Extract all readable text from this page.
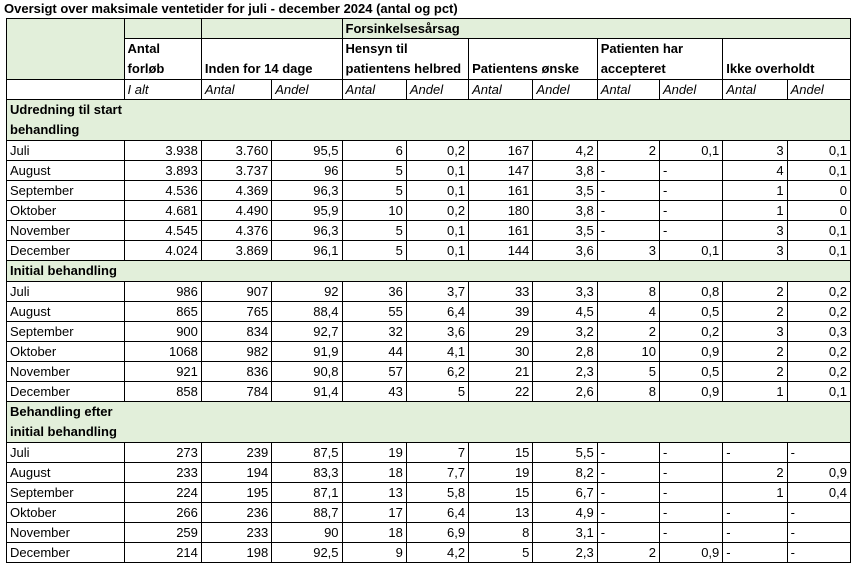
Oversigt over maksimale ventetider for juli - december 2024 (antal og pct)
				Forsinkelsesårsag							
	Antal forløb	Inden for 14 dage		Hensyn til patientens helbred		Patientens ønske		Patienten har accepteret		Ikke overholdt	
	I alt	Antal	Andel	Antal	Andel	Antal	Andel	Antal	Andel	Antal	Andel
Udredning til start behandling											
Juli	3.938	3.760	95,5	6	0,2	167	4,2	2	0,1	3	0,1
August	3.893	3.737	96	5	0,1	147	3,8	-	-	4	0,1
September	4.536	4.369	96,3	5	0,1	161	3,5	-	-	1	0
Oktober	4.681	4.490	95,9	10	0,2	180	3,8	-	-	1	0
November	4.545	4.376	96,3	5	0,1	161	3,5	-	-	3	0,1
December	4.024	3.869	96,1	5	0,1	144	3,6	3	0,1	3	0,1
Initial behandling											
Juli	986	907	92	36	3,7	33	3,3	8	0,8	2	0,2
August	865	765	88,4	55	6,4	39	4,5	4	0,5	2	0,2
September	900	834	92,7	32	3,6	29	3,2	2	0,2	3	0,3
Oktober	1068	982	91,9	44	4,1	30	2,8	10	0,9	2	0,2
November	921	836	90,8	57	6,2	21	2,3	5	0,5	2	0,2
December	858	784	91,4	43	5	22	2,6	8	0,9	1	0,1
Behandling efter initial behandling											
Juli	273	239	87,5	19	7	15	5,5	-	-	-	-
August	233	194	83,3	18	7,7	19	8,2	-	-	2	0,9
September	224	195	87,1	13	5,8	15	6,7	-	-	1	0,4
Oktober	266	236	88,7	17	6,4	13	4,9	-	-	-	-
November	259	233	90	18	6,9	8	3,1	-	-	-	-
December	214	198	92,5	9	4,2	5	2,3	2	0,9	-	-
